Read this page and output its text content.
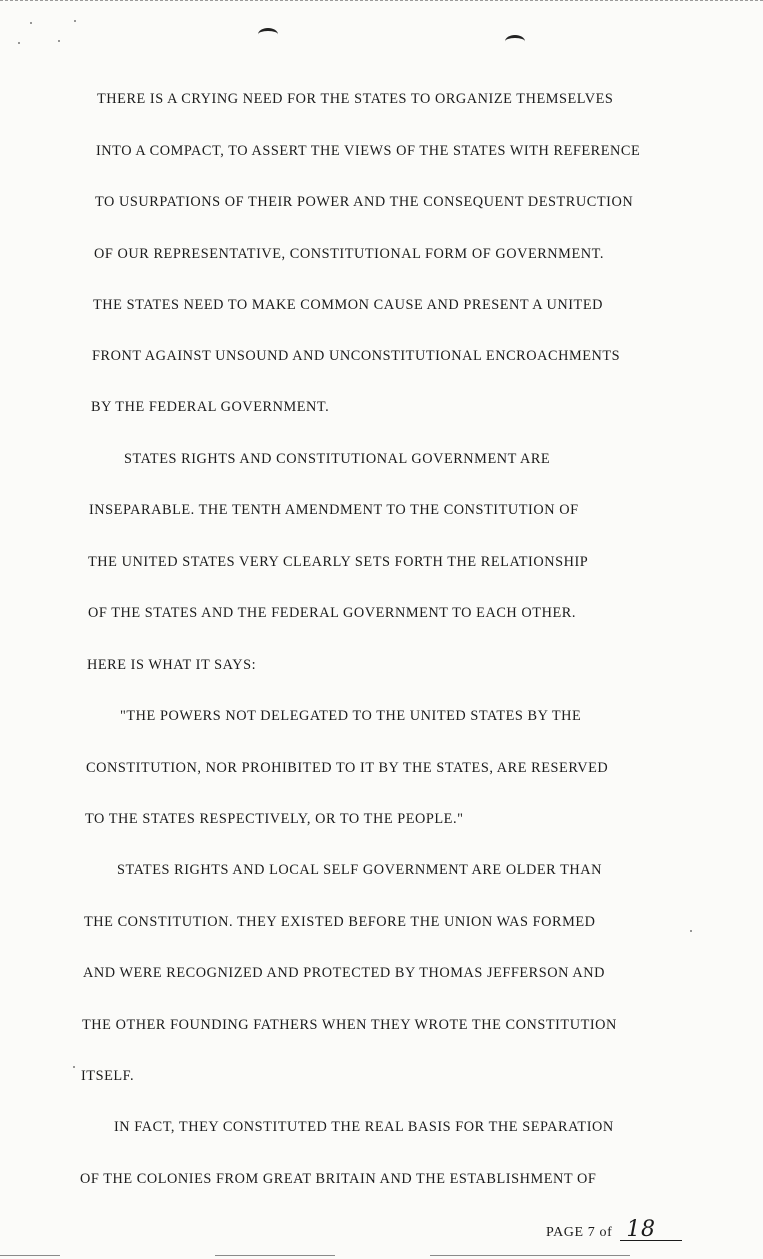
THERE IS A CRYING NEED FOR THE STATES TO ORGANIZE THEMSELVES
INTO A COMPACT, TO ASSERT THE VIEWS OF THE STATES WITH REFERENCE
TO USURPATIONS OF THEIR POWER AND THE CONSEQUENT DESTRUCTION
OF OUR REPRESENTATIVE, CONSTITUTIONAL FORM OF GOVERNMENT.
THE STATES NEED TO MAKE COMMON CAUSE AND PRESENT A UNITED
FRONT AGAINST UNSOUND AND UNCONSTITUTIONAL ENCROACHMENTS
BY THE FEDERAL GOVERNMENT.
STATES RIGHTS AND CONSTITUTIONAL GOVERNMENT ARE
INSEPARABLE. THE TENTH AMENDMENT TO THE CONSTITUTION OF
THE UNITED STATES VERY CLEARLY SETS FORTH THE RELATIONSHIP
OF THE STATES AND THE FEDERAL GOVERNMENT TO EACH OTHER.
HERE IS WHAT IT SAYS:
"THE POWERS NOT DELEGATED TO THE UNITED STATES BY THE
CONSTITUTION, NOR PROHIBITED TO IT BY THE STATES, ARE RESERVED
TO THE STATES RESPECTIVELY, OR TO THE PEOPLE."
STATES RIGHTS AND LOCAL SELF GOVERNMENT ARE OLDER THAN
THE CONSTITUTION. THEY EXISTED BEFORE THE UNION WAS FORMED
AND WERE RECOGNIZED AND PROTECTED BY THOMAS JEFFERSON AND
THE OTHER FOUNDING FATHERS WHEN THEY WROTE THE CONSTITUTION
ITSELF.
IN FACT, THEY CONSTITUTED THE REAL BASIS FOR THE SEPARATION
OF THE COLONIES FROM GREAT BRITAIN AND THE ESTABLISHMENT OF
PAGE 7 of 18
